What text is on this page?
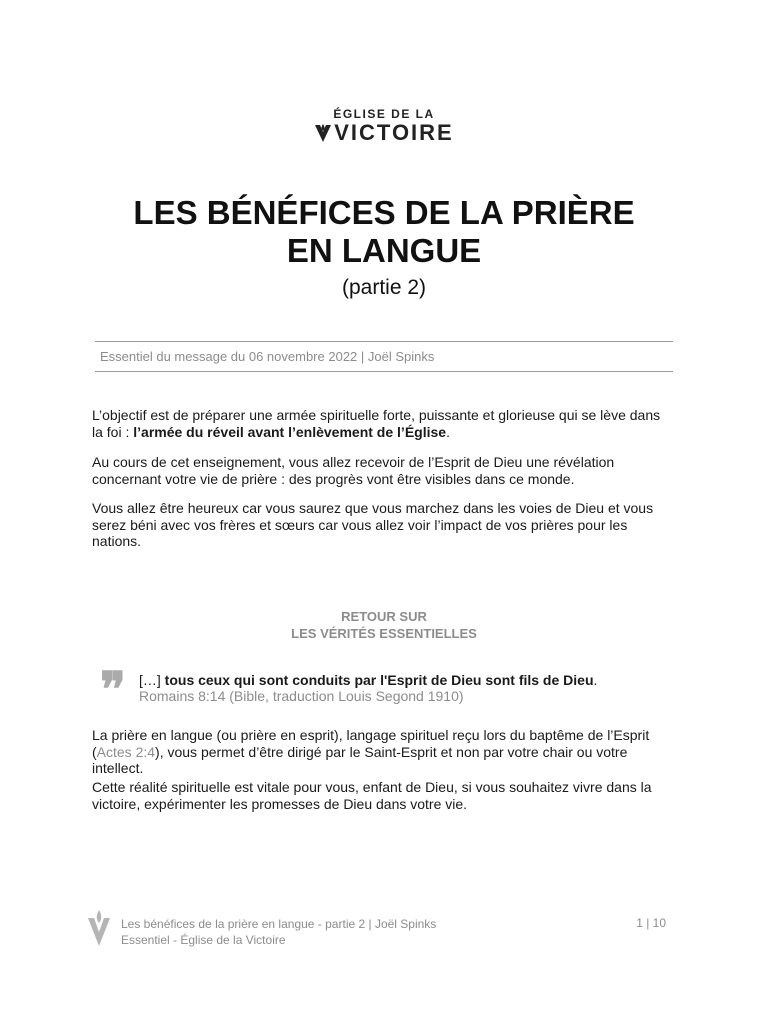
ÉGLISE DE LA
VICTOIRE
LES BÉNÉFICES DE LA PRIÈRE
EN LANGUE
(partie 2)
Essentiel du message du 06 novembre 2022 | Joël Spinks
L’objectif est de préparer une armée spirituelle forte, puissante et glorieuse qui se lève dans la foi : l’armée du réveil avant l’enlèvement de l’Église.
Au cours de cet enseignement, vous allez recevoir de l’Esprit de Dieu une révélation concernant votre vie de prière : des progrès vont être visibles dans ce monde.
Vous allez être heureux car vous saurez que vous marchez dans les voies de Dieu et vous serez béni avec vos frères et sœurs car vous allez voir l’impact de vos prières pour les nations.
RETOUR SUR
LES VÉRITÉS ESSENTIELLES
❞ […] tous ceux qui sont conduits par l'Esprit de Dieu sont fils de Dieu.
Romains 8:14 (Bible, traduction Louis Segond 1910)
La prière en langue (ou prière en esprit), langage spirituel reçu lors du baptême de l’Esprit (Actes 2:4), vous permet d’être dirigé par le Saint-Esprit et non par votre chair ou votre intellect.
Cette réalité spirituelle est vitale pour vous, enfant de Dieu, si vous souhaitez vivre dans la victoire, expérimenter les promesses de Dieu dans votre vie.
Les bénéfices de la prière en langue - partie 2 | Joël Spinks
Essentiel - Église de la Victoire
1 | 10
